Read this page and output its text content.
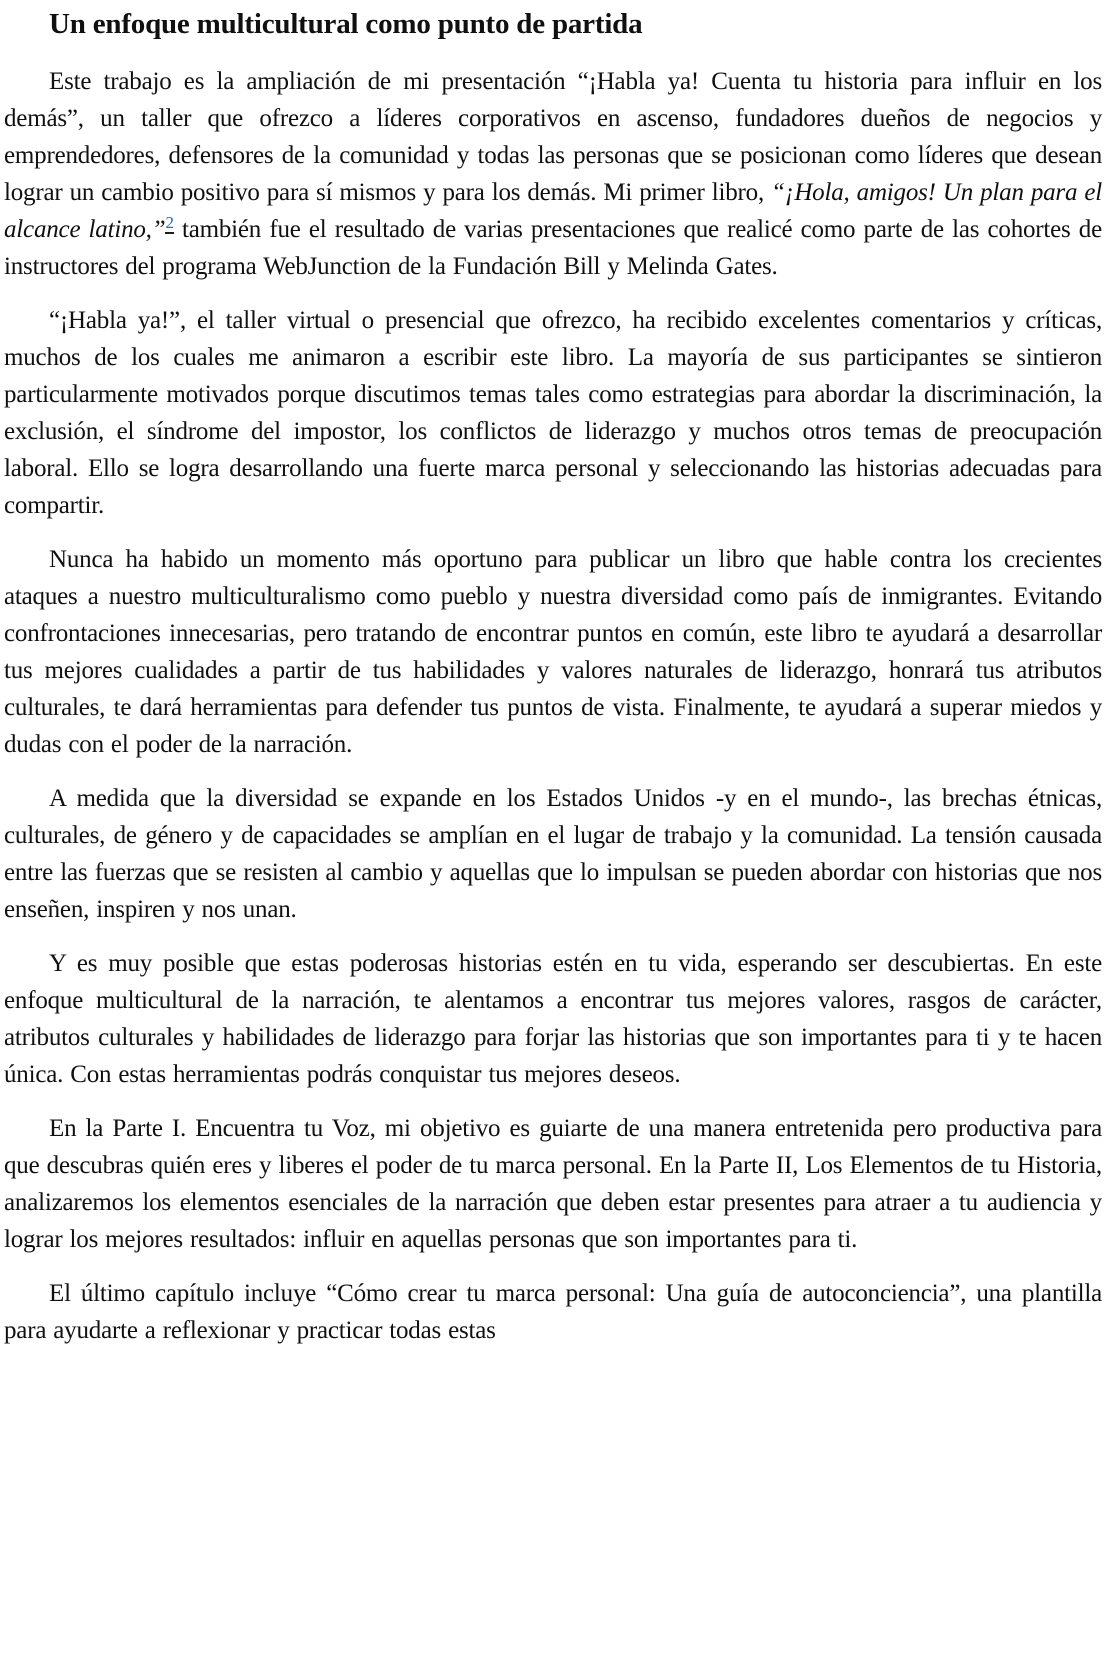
Un enfoque multicultural como punto de partida

Este trabajo es la ampliación de mi presentación “¡Habla ya! Cuenta tu historia para influir en los demás”, un taller que ofrezco a líderes corporativos en ascenso, fundadores dueños de negocios y emprendedores, defensores de la comunidad y todas las personas que se posicionan como líderes que desean lograr un cambio positivo para sí mismos y para los demás. Mi primer libro, “¡Hola, amigos! Un plan para el alcance latino,”$^2$ también fue el resultado de varias presentaciones que realicé como parte de las cohortes de instructores del programa WebJunction de la Fundación Bill y Melinda Gates.

“¡Habla ya!”, el taller virtual o presencial que ofrezco, ha recibido excelentes comentarios y críticas, muchos de los cuales me animaron a escribir este libro. La mayoría de sus participantes se sintieron particularmente motivados porque discutimos temas tales como estrategias para abordar la discriminación, la exclusión, el síndrome del impostor, los conflictos de liderazgo y muchos otros temas de preocupación laboral. Ello se logra desarrollando una fuerte marca personal y seleccionando las historias adecuadas para compartir.

Nunca ha habido un momento más oportuno para publicar un libro que hable contra los crecientes ataques a nuestro multiculturalismo como pueblo y nuestra diversidad como país de inmigrantes. Evitando confrontaciones innecesarias, pero tratando de encontrar puntos en común, este libro te ayudará a desarrollar tus mejores cualidades a partir de tus habilidades y valores naturales de liderazgo, honrará tus atributos culturales, te dará herramientas para defender tus puntos de vista. Finalmente, te ayudará a superar miedos y dudas con el poder de la narración.

A medida que la diversidad se expande en los Estados Unidos -y en el mundo-, las brechas étnicas, culturales, de género y de capacidades se amplían en el lugar de trabajo y la comunidad. La tensión causada entre las fuerzas que se resisten al cambio y aquellas que lo impulsan se pueden abordar con historias que nos enseñen, inspiren y nos unan.

Y es muy posible que estas poderosas historias estén en tu vida, esperando ser descubiertas. En este enfoque multicultural de la narración, te alentamos a encontrar tus mejores valores, rasgos de carácter, atributos culturales y habilidades de liderazgo para forjar las historias que son importantes para ti y te hacen única. Con estas herramientas podrás conquistar tus mejores deseos.

En la Parte I. Encuentra tu Voz, mi objetivo es guiarte de una manera entretenida pero productiva para que descubras quién eres y liberes el poder de tu marca personal. En la Parte II, Los Elementos de tu Historia, analizaremos los elementos esenciales de la narración que deben estar presentes para atraer a tu audiencia y lograr los mejores resultados: influir en aquellas personas que son importantes para ti.

El último capítulo incluye “Cómo crear tu marca personal: Una guía de autoconciencia”, una plantilla para ayudarte a reflexionar y practicar todas estas
